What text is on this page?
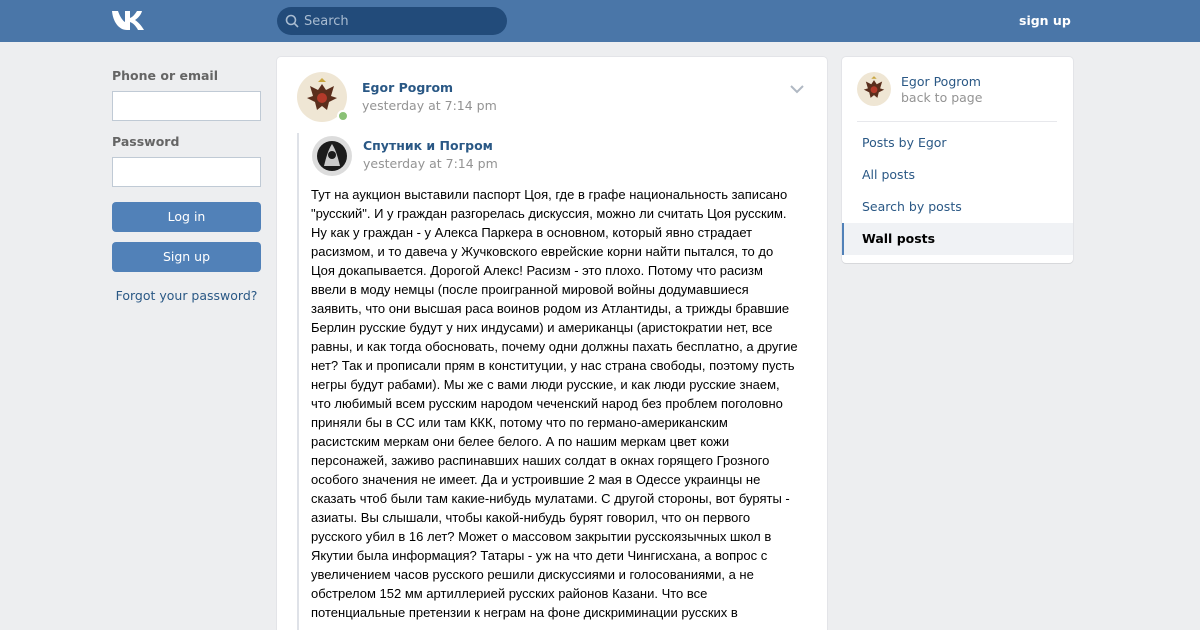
Search
sign up
Phone or email
Password
Log in
Sign up
Forgot your password?
Egor Pogrom
yesterday at 7:14 pm
Спутник и Погром
yesterday at 7:14 pm
Тут на аукцион выставили паспорт Цоя, где в графе национальность записано
"русский". И у граждан разгорелась дискуссия, можно ли считать Цоя русским.
Ну как у граждан - у Алекса Паркера в основном, который явно страдает
расизмом, и то давеча у Жучковского еврейские корни найти пытался, то до
Цоя докапывается. Дорогой Алекс! Расизм - это плохо. Потому что расизм
ввели в моду немцы (после проигранной мировой войны додумавшиеся
заявить, что они высшая раса воинов родом из Атлантиды, а трижды бравшие
Берлин русские будут у них индусами) и американцы (аристократии нет, все
равны, и как тогда обосновать, почему одни должны пахать бесплатно, а другие
нет? Так и прописали прям в конституции, у нас страна свободы, поэтому пусть
негры будут рабами). Мы же с вами люди русские, и как люди русские знаем,
что любимый всем русским народом чеченский народ без проблем поголовно
приняли бы в СС или там ККК, потому что по германо-американским
расистским меркам они белее белого. А по нашим меркам цвет кожи
персонажей, заживо распинавших наших солдат в окнах горящего Грозного
особого значения не имеет. Да и устроившие 2 мая в Одессе украинцы не
сказать чтоб были там какие-нибудь мулатами. С другой стороны, вот буряты -
азиаты. Вы слышали, чтобы какой-нибудь бурят говорил, что он первого
русского убил в 16 лет? Может о массовом закрытии русскоязычных школ в
Якутии была информация? Татары - уж на что дети Чингисхана, а вопрос с
увеличением часов русского решили дискуссиями и голосованиями, а не
обстрелом 152 мм артиллерией русских районов Казани. Что все
потенциальные претензии к неграм на фоне дискриминации русских в
Egor Pogrom
back to page
Posts by Egor
All posts
Search by posts
Wall posts
